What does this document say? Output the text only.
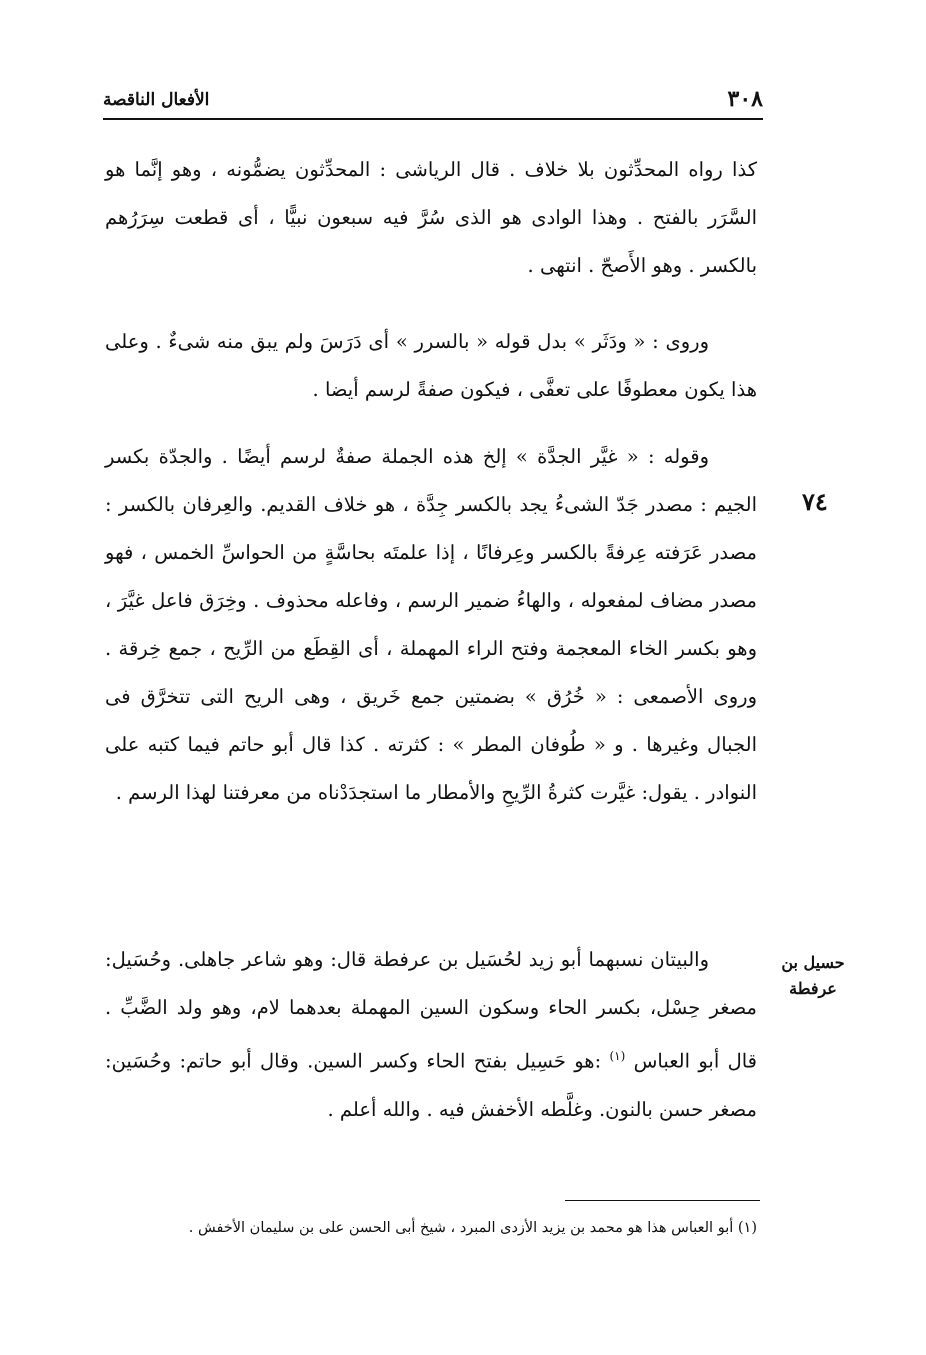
٣٠٨
الأفعال الناقصة

كذا رواه المحدِّثون بلا خلاف . قال الرياشى : المحدِّثون يضمُّونه ، وهو إنَّما هو السَّرَر بالفتح . وهذا الوادى هو الذى سُرَّ فيه سبعون نبيًّا ، أى قطعت سِرَرُهم بالكسر . وهو الأَصحّ . انتهى .

وروى : « ودَثَر » بدل قوله « بالسرر » أى دَرَسَ ولم يبق منه شىءٌ . وعلى هذا يكون معطوفًا على تعفَّى ، فيكون صفةً لرسم أيضا .

وقوله : « غيَّر الجدَّة » إلخ هذه الجملة صفةٌ لرسم أيضًا . والجدّة بكسر الجيم : مصدر جَدّ الشىءُ يجد بالكسر جِدَّة ، هو خلاف القديم. والعِرفان بالكسر : مصدر عَرَفته عِرفةً بالكسر وعِرفانًا ، إذا علمتَه بحاسَّةٍ من الحواسِّ الخمس ، فهو مصدر مضاف لمفعوله ، والهاءُ ضمير الرسم ، وفاعله محذوف . وخِرَق فاعل غيَّرَ ، وهو بكسر الخاء المعجمة وفتح الراء المهملة ، أى القِطَع من الرِّيح ، جمع خِرقة . وروى الأصمعى : « خُرُق » بضمتين جمع خَريق ، وهى الريح التى تتخرَّق فى الجبال وغيرها . و « طُوفان المطر » : كثرته . كذا قال أبو حاتم فيما كتبه على النوادر . يقول: غيَّرت كثرةُ الرِّيحِ والأمطار ما استجدَدْناه من معرفتنا لهذا الرسم .

٧٤

والبيتان نسبهما أبو زيد لحُسَيل بن عرفطة قال: وهو شاعر جاهلى. وحُسَيل: مصغر حِسْل، بكسر الحاء وسكون السين المهملة بعدهما لام، وهو ولد الضَّبِّ . قال أبو العباس $^{(١)}$ :هو حَسِيل بفتح الحاء وكسر السين. وقال أبو حاتم: وحُسَين: مصغر حسن بالنون. وغلَّطه الأخفش فيه . والله أعلم .

حسيل بن عرفطة

(١) أبو العباس هذا هو محمد بن يزيد الأزدى المبرد ، شيخ أبى الحسن على بن سليمان الأخفش .
